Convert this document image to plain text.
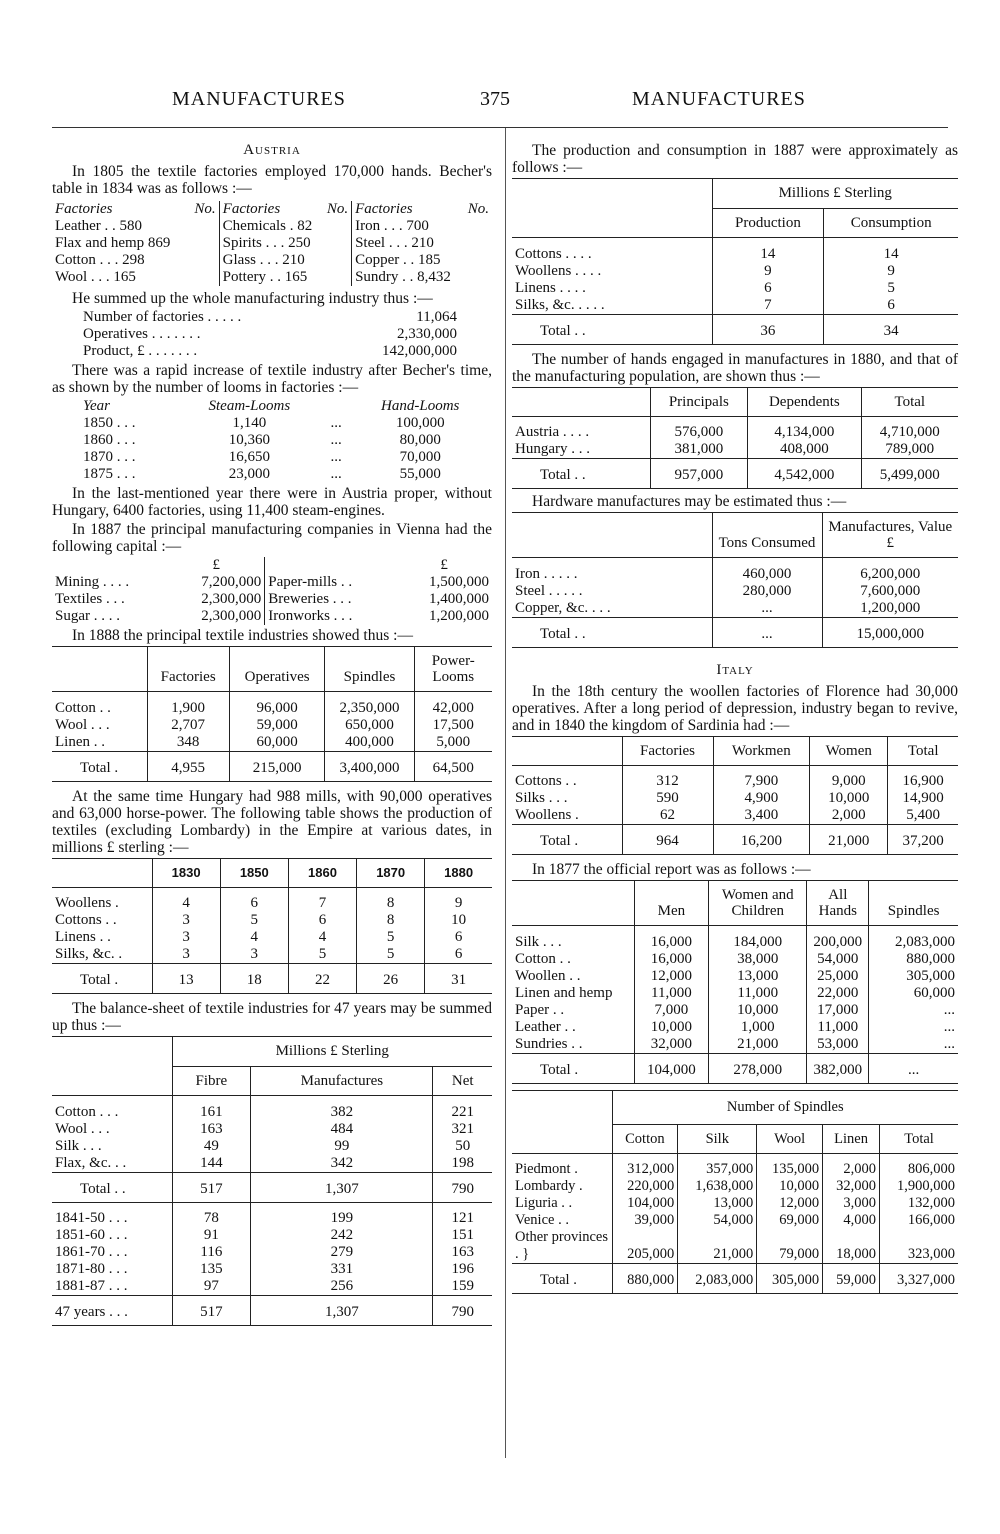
MANUFACTURES	375	MANUFACTURES
Austria

In 1805 the textile factories employed 170,000 hands. Becher's table in 1834 was as follows :—

Factories	No.	Factories	No.	Factories	No.
Leather . . 580		Chemicals . 82		Iron . . . 700	
Flax and hemp 869		Spirits . . . 250		Steel . . . 210	
Cotton . . . 298		Glass . . . 210		Copper . . 185	
Wool . . . 165		Pottery . . 165		Sundry . . 8,432	

He summed up the whole manufacturing industry thus :—

Number of factories . . . . .	11,064
Operatives . . . . . . .	2,330,000
Product, £ . . . . . . .	142,000,000

There was a rapid increase of textile industry after Becher's time, as shown by the number of looms in factories :—

Year	Steam-Looms		Hand-Looms
1850 . . .	1,140	...	100,000
1860 . . .	10,360	...	80,000
1870 . . .	16,650	...	70,000
1875 . . .	23,000	...	55,000

In the last-mentioned year there were in Austria proper, without Hungary, 6400 factories, using 11,400 steam-engines.

In 1887 the principal manufacturing companies in Vienna had the following capital :—

	£		£
Mining . . . .	7,200,000	Paper-mills . .	1,500,000
Textiles . . .	2,300,000	Breweries . . .	1,400,000
Sugar . . . .	2,300,000	Ironworks . . .	1,200,000

In 1888 the principal textile industries showed thus :—

	Factories	Operatives	Spindles	Power-Looms

Cotton . .	1,900	96,000	2,350,000	42,000
Wool . . .	2,707	59,000	650,000	17,500
Linen . .	348	60,000	400,000	5,000
Total .	4,955	215,000	3,400,000	64,500

At the same time Hungary had 988 mills, with 90,000 operatives and 63,000 horse-power. The following table shows the production of textiles (excluding Lombardy) in the Empire at various dates, in millions £ sterling :—

	1830	1850	1860	1870	1880

Woollens .	4	6	7	8	9
Cottons . .	3	5	6	8	10
Linens . .	3	4	4	5	6
Silks, &c. .	3	3	5	5	6
Total .	13	18	22	26	31

The balance-sheet of textile industries for 47 years may be summed up thus :—

	Millions £ Sterling		
	Fibre	Manufactures	Net

Cotton . . .	161	382	221
Wool . . .	163	484	321
Silk . . .	49	99	50
Flax, &c. . .	144	342	198
Total . .	517	1,307	790

1841-50 . . .	78	199	121
1851-60 . . .	91	242	151
1861-70 . . .	116	279	163
1871-80 . . .	135	331	196
1881-87 . . .	97	256	159
47 years . . .	517	1,307	790

The production and consumption in 1887 were approximately as follows :—

	Millions £ Sterling	
	Production	Consumption

Cottons . . . .	14	14
Woollens . . . .	9	9
Linens . . . .	6	5
Silks, &c. . . . .	7	6
Total . .	36	34

The number of hands engaged in manufactures in 1880, and that of the manufacturing population, are shown thus :—

	Principals	Dependents	Total

Austria . . . .	576,000	4,134,000	4,710,000
Hungary . . .	381,000	408,000	789,000
Total . .	957,000	4,542,000	5,499,000

Hardware manufactures may be estimated thus :—

	Tons Consumed	Manufactures, Value £

Iron . . . . .	460,000	6,200,000
Steel . . . . .	280,000	7,600,000
Copper, &c. . . .	...	1,200,000
Total . .	...	15,000,000
Italy

In the 18th century the woollen factories of Florence had 30,000 operatives. After a long period of depression, industry began to revive, and in 1840 the kingdom of Sardinia had :—

	Factories	Workmen	Women	Total

Cottons . .	312	7,900	9,000	16,900
Silks . . .	590	4,900	10,000	14,900
Woollens .	62	3,400	2,000	5,400
Total .	964	16,200	21,000	37,200

In 1877 the official report was as follows :—

	Men	Women and Children	All Hands	Spindles

Silk . . .	16,000	184,000	200,000	2,083,000
Cotton . .	16,000	38,000	54,000	880,000
Woollen . .	12,000	13,000	25,000	305,000
Linen and hemp	11,000	11,000	22,000	60,000
Paper . .	7,000	10,000	17,000	...
Leather . .	10,000	1,000	11,000	...
Sundries . .	32,000	21,000	53,000	...
Total .	104,000	278,000	382,000	...
	Number of Spindles				
	Cotton	Silk	Wool	Linen	Total

Piedmont .	312,000	357,000	135,000	2,000	806,000
Lombardy .	220,000	1,638,000	10,000	32,000	1,900,000
Liguria . .	104,000	13,000	12,000	3,000	132,000
Venice . .	39,000	54,000	69,000	4,000	166,000
Other provinces . }	205,000	21,000	79,000	18,000	323,000
Total .	880,000	2,083,000	305,000	59,000	3,327,000
